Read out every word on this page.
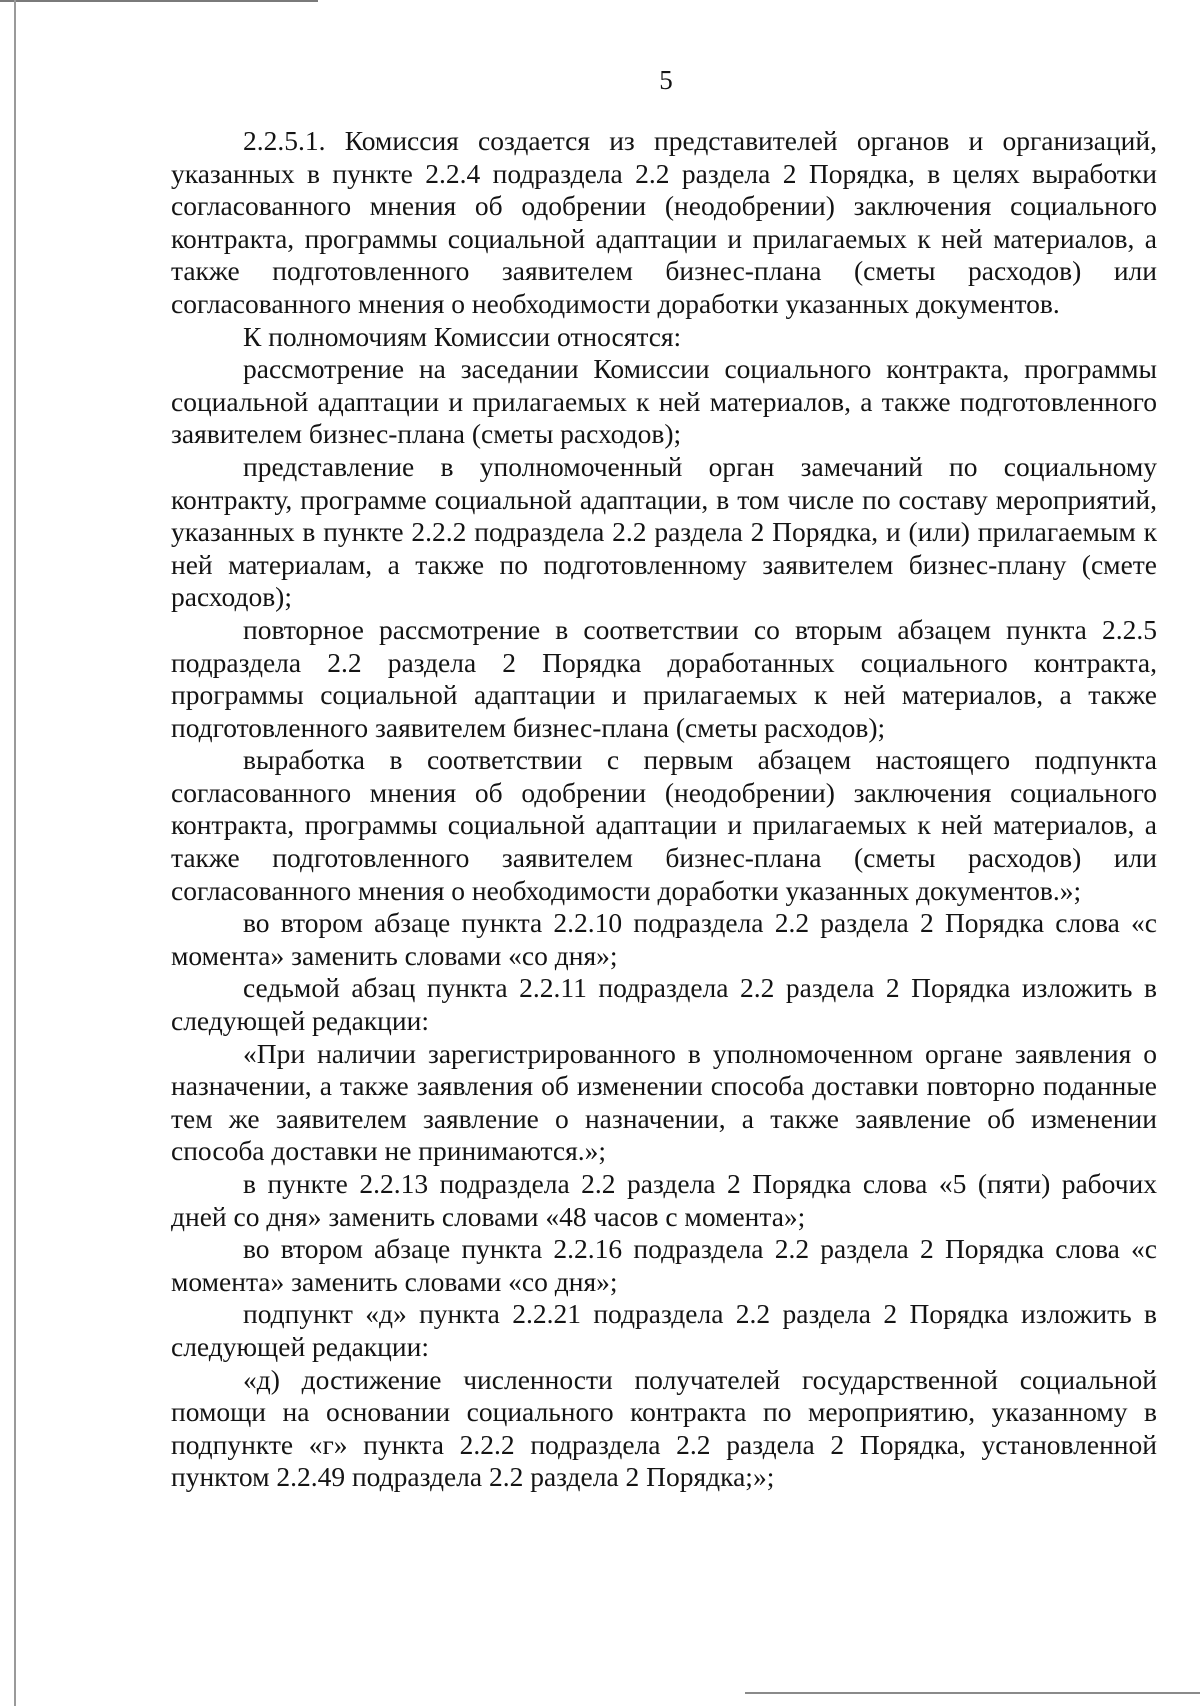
5

2.2.5.1. Комиссия создается из представителей органов и организаций, указанных в пункте 2.2.4 подраздела 2.2 раздела 2 Порядка, в целях выработки согласованного мнения об одобрении (неодобрении) заключения социального контракта, программы социальной адаптации и прилагаемых к ней материалов, а также подготовленного заявителем бизнес-плана (сметы расходов) или согласованного мнения о необходимости доработки указанных документов.

К полномочиям Комиссии относятся:

рассмотрение на заседании Комиссии социального контракта, программы социальной адаптации и прилагаемых к ней материалов, а также подготовленного заявителем бизнес-плана (сметы расходов);

представление в уполномоченный орган замечаний по социальному контракту, программе социальной адаптации, в том числе по составу мероприятий, указанных в пункте 2.2.2 подраздела 2.2 раздела 2 Порядка, и (или) прилагаемым к ней материалам, а также по подготовленному заявителем бизнес-плану (смете расходов);

повторное рассмотрение в соответствии со вторым абзацем пункта 2.2.5 подраздела 2.2 раздела 2 Порядка доработанных социального контракта, программы социальной адаптации и прилагаемых к ней материалов, а также подготовленного заявителем бизнес-плана (сметы расходов);

выработка в соответствии с первым абзацем настоящего подпункта согласованного мнения об одобрении (неодобрении) заключения социального контракта, программы социальной адаптации и прилагаемых к ней материалов, а также подготовленного заявителем бизнес-плана (сметы расходов) или согласованного мнения о необходимости доработки указанных документов.»;

во втором абзаце пункта 2.2.10 подраздела 2.2 раздела 2 Порядка слова «с момента» заменить словами «со дня»;

седьмой абзац пункта 2.2.11 подраздела 2.2 раздела 2 Порядка изложить в следующей редакции:

«При наличии зарегистрированного в уполномоченном органе заявления о назначении, а также заявления об изменении способа доставки повторно поданные тем же заявителем заявление о назначении, а также заявление об изменении способа доставки не принимаются.»;

в пункте 2.2.13 подраздела 2.2 раздела 2 Порядка слова «5 (пяти) рабочих дней со дня» заменить словами «48 часов с момента»;

во втором абзаце пункта 2.2.16 подраздела 2.2 раздела 2 Порядка слова «с момента» заменить словами «со дня»;

подпункт «д» пункта 2.2.21 подраздела 2.2 раздела 2 Порядка изложить в следующей редакции:

«д) достижение численности получателей государственной социальной помощи на основании социального контракта по мероприятию, указанному в подпункте «г» пункта 2.2.2 подраздела 2.2 раздела 2 Порядка, установленной пунктом 2.2.49 подраздела 2.2 раздела 2 Порядка;»;
